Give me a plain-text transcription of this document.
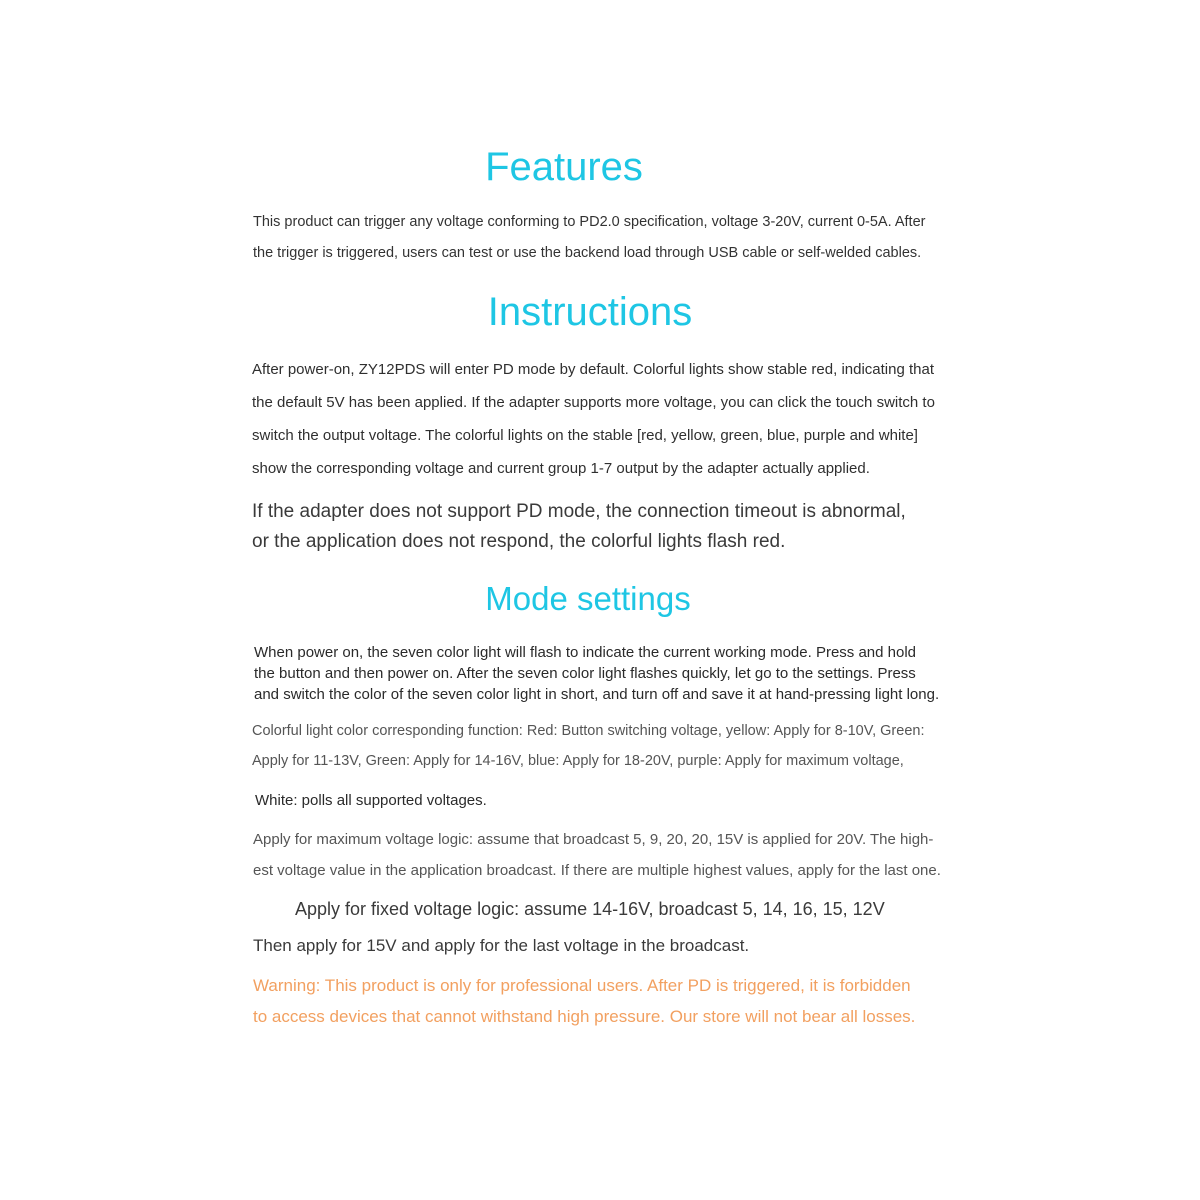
Features

This product can trigger any voltage conforming to PD2.0 specification, voltage 3-20V, current 0-5A. After
the trigger is triggered, users can test or use the backend load through USB cable or self-welded cables.

Instructions

After power-on, ZY12PDS will enter PD mode by default. Colorful lights show stable red, indicating that
the default 5V has been applied. If the adapter supports more voltage, you can click the touch switch to
switch the output voltage. The colorful lights on the stable [red, yellow, green, blue, purple and white]
show the corresponding voltage and current group 1-7 output by the adapter actually applied.

If the adapter does not support PD mode, the connection timeout is abnormal,
or the application does not respond, the colorful lights flash red.

Mode settings

When power on, the seven color light will flash to indicate the current working mode. Press and hold
the button and then power on. After the seven color light flashes quickly, let go to the settings. Press
and switch the color of the seven color light in short, and turn off and save it at hand-pressing light long.

Colorful light color corresponding function: Red: Button switching voltage, yellow: Apply for 8-10V, Green:
Apply for 11-13V, Green: Apply for 14-16V, blue: Apply for 18-20V, purple: Apply for maximum voltage,

White: polls all supported voltages.

Apply for maximum voltage logic: assume that broadcast 5, 9, 20, 20, 15V is applied for 20V. The high-
est voltage value in the application broadcast. If there are multiple highest values, apply for the last one.

Apply for fixed voltage logic: assume 14-16V, broadcast 5, 14, 16, 15, 12V

Then apply for 15V and apply for the last voltage in the broadcast.

Warning: This product is only for professional users. After PD is triggered, it is forbidden
to access devices that cannot withstand high pressure. Our store will not bear all losses.
